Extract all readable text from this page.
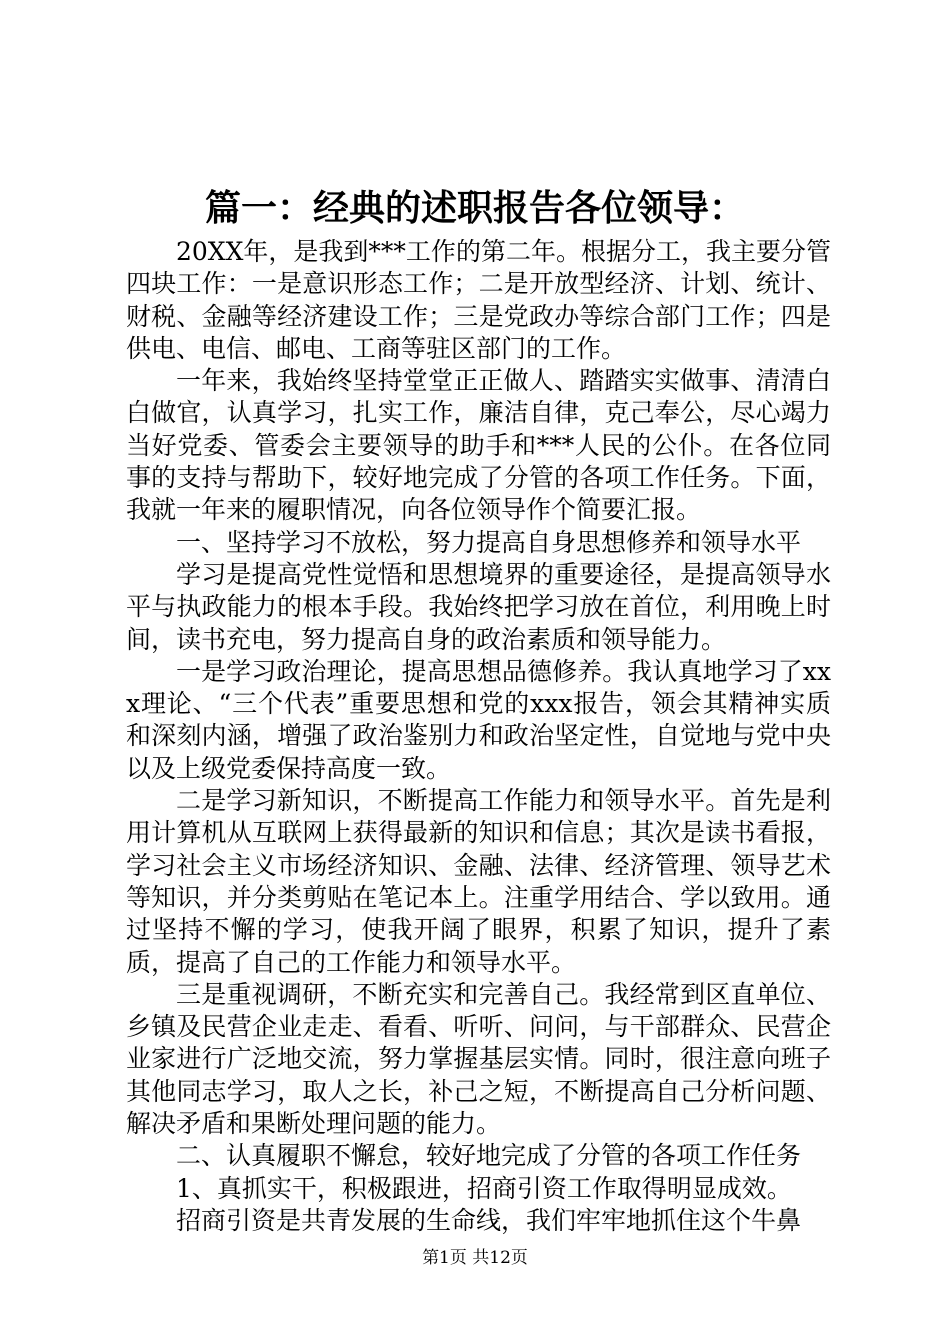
篇一：经典的述职报告各位领导：

20XX年，是我到***工作的第二年。根据分工，我主要分管四块工作：一是意识形态工作；二是开放型经济、计划、统计、财税、金融等经济建设工作；三是党政办等综合部门工作；四是供电、电信、邮电、工商等驻区部门的工作。

一年来，我始终坚持堂堂正正做人、踏踏实实做事、清清白白做官，认真学习，扎实工作，廉洁自律，克己奉公，尽心竭力当好党委、管委会主要领导的助手和***人民的公仆。在各位同事的支持与帮助下，较好地完成了分管的各项工作任务。下面，我就一年来的履职情况，向各位领导作个简要汇报。

一、坚持学习不放松，努力提高自身思想修养和领导水平

学习是提高党性觉悟和思想境界的重要途径，是提高领导水平与执政能力的根本手段。我始终把学习放在首位，利用晚上时间，读书充电，努力提高自身的政治素质和领导能力。

一是学习政治理论，提高思想品德修养。我认真地学习了xxx理论、“三个代表”重要思想和党的xxx报告，领会其精神实质和深刻内涵，增强了政治鉴别力和政治坚定性，自觉地与党中央以及上级党委保持高度一致。

二是学习新知识，不断提高工作能力和领导水平。首先是利用计算机从互联网上获得最新的知识和信息；其次是读书看报，学习社会主义市场经济知识、金融、法律、经济管理、领导艺术等知识，并分类剪贴在笔记本上。注重学用结合、学以致用。通过坚持不懈的学习，使我开阔了眼界，积累了知识，提升了素质，提高了自己的工作能力和领导水平。

三是重视调研，不断充实和完善自己。我经常到区直单位、乡镇及民营企业走走、看看、听听、问问，与干部群众、民营企业家进行广泛地交流，努力掌握基层实情。同时，很注意向班子其他同志学习，取人之长，补己之短，不断提高自己分析问题、解决矛盾和果断处理问题的能力。

二、认真履职不懈怠，较好地完成了分管的各项工作任务

1、真抓实干，积极跟进，招商引资工作取得明显成效。

招商引资是共青发展的生命线，我们牢牢地抓住这个牛鼻

第1页 共12页
